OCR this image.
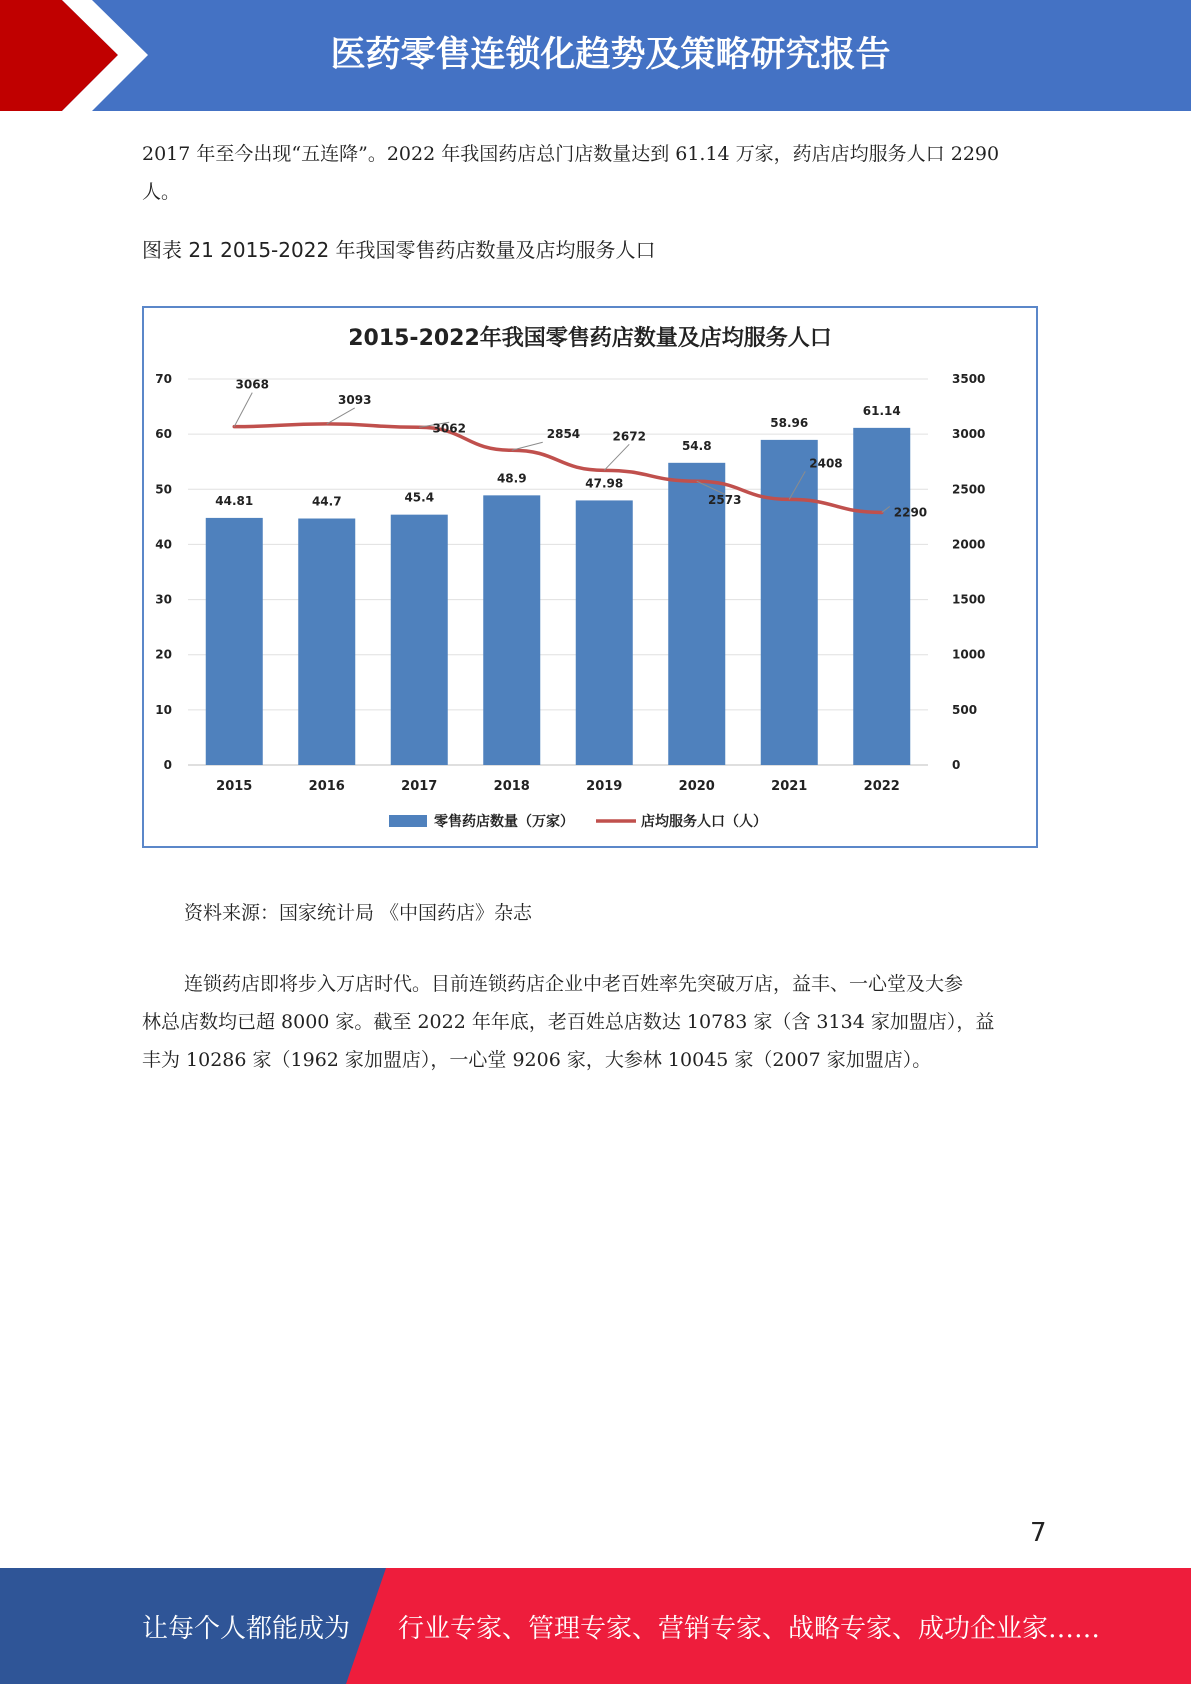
医药零售连锁化趋势及策略研究报告

2017 年至今出现“五连降”。2022 年我国药店总门店数量达到 61.14 万家，药店店均服务人口 2290

人。

图表 21 2015-2022 年我国零售药店数量及店均服务人口
2015-2022年我国零售药店数量及店均服务人口
0
10
20
30
40
50
60
70
0
500
1000
1500
2000
2500
3000
3500
44.81
2015
44.7
2016
45.4
2017
48.9
2018
47.98
2019
54.8
2020
58.96
2021
61.14
2022
3068
3093
3062	2854	2672
2573
2408
2290
零售药店数量（万家）	店均服务人口（人）
资料来源：国家统计局 《中国药店》杂志

连锁药店即将步入万店时代。目前连锁药店企业中老百姓率先突破万店，益丰、一心堂及大参

林总店数均已超 8000 家。截至 2022 年年底，老百姓总店数达 10783 家（含 3134 家加盟店），益

丰为 10286 家（1962 家加盟店），一心堂 9206 家，大参林 10045 家（2007 家加盟店）。

7
让每个人都能成为 行业专家、管理专家、营销专家、战略专家、成功企业家……
